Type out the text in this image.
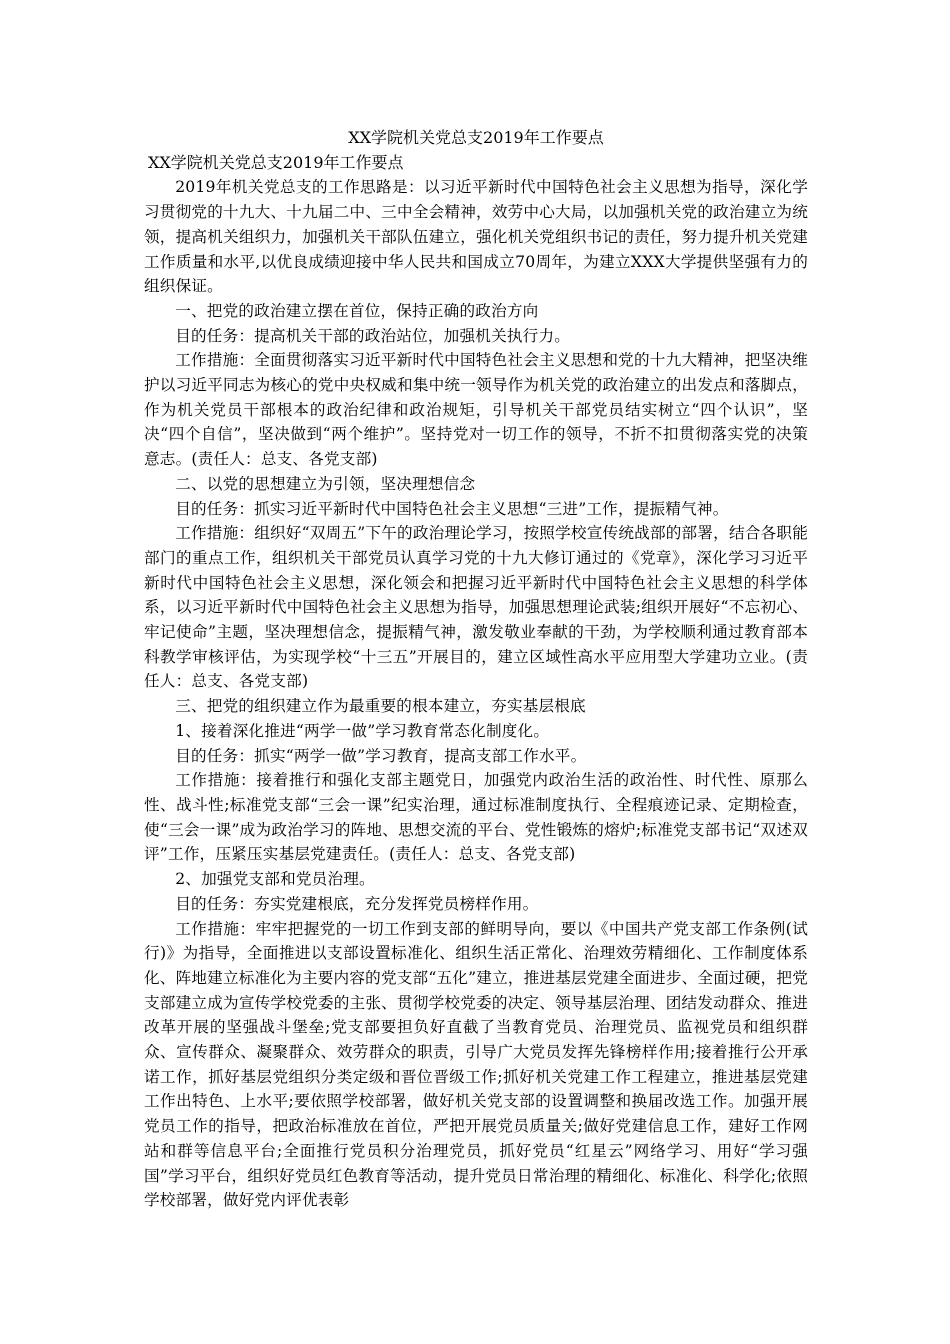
XX学院机关党总支2019年工作要点
XX学院机关党总支2019年工作要点

2019年机关党总支的工作思路是：以习近平新时代中国特色社会主义思想为指导，深化学习贯彻党的十九大、十九届二中、三中全会精神，效劳中心大局，以加强机关党的政治建立为统领，提高机关组织力，加强机关干部队伍建立，强化机关党组织书记的责任，努力提升机关党建工作质量和水平,以优良成绩迎接中华人民共和国成立70周年，为建立XXX大学提供坚强有力的组织保证。

一、把党的政治建立摆在首位，保持正确的政治方向

目的任务：提高机关干部的政治站位，加强机关执行力。

工作措施：全面贯彻落实习近平新时代中国特色社会主义思想和党的十九大精神，把坚决维护以习近平同志为核心的党中央权威和集中统一领导作为机关党的政治建立的出发点和落脚点，作为机关党员干部根本的政治纪律和政治规矩，引导机关干部党员结实树立“四个认识”，坚决“四个自信”，坚决做到“两个维护”。坚持党对一切工作的领导，不折不扣贯彻落实党的决策意志。(责任人：总支、各党支部)

二、以党的思想建立为引领，坚决理想信念

目的任务：抓实习近平新时代中国特色社会主义思想“三进”工作，提振精气神。

工作措施：组织好“双周五”下午的政治理论学习，按照学校宣传统战部的部署，结合各职能部门的重点工作，组织机关干部党员认真学习党的十九大修订通过的《党章》，深化学习习近平新时代中国特色社会主义思想，深化领会和把握习近平新时代中国特色社会主义思想的科学体系，以习近平新时代中国特色社会主义思想为指导，加强思想理论武装;组织开展好“不忘初心、牢记使命”主题，坚决理想信念，提振精气神，激发敬业奉献的干劲，为学校顺利通过教育部本科教学审核评估，为实现学校“十三五”开展目的，建立区域性高水平应用型大学建功立业。(责任人：总支、各党支部)

三、把党的组织建立作为最重要的根本建立，夯实基层根底

1、接着深化推进“两学一做”学习教育常态化制度化。

目的任务：抓实“两学一做”学习教育，提高支部工作水平。

工作措施：接着推行和强化支部主题党日，加强党内政治生活的政治性、时代性、原那么性、战斗性;标准党支部“三会一课”纪实治理，通过标准制度执行、全程痕迹记录、定期检查，使“三会一课”成为政治学习的阵地、思想交流的平台、党性锻炼的熔炉;标准党支部书记“双述双评”工作，压紧压实基层党建责任。(责任人：总支、各党支部)

2、加强党支部和党员治理。

目的任务：夯实党建根底，充分发挥党员榜样作用。

工作措施：牢牢把握党的一切工作到支部的鲜明导向，要以《中国共产党支部工作条例(试行)》为指导，全面推进以支部设置标准化、组织生活正常化、治理效劳精细化、工作制度体系化、阵地建立标准化为主要内容的党支部“五化”建立，推进基层党建全面进步、全面过硬，把党支部建立成为宣传学校党委的主张、贯彻学校党委的决定、领导基层治理、团结发动群众、推进改革开展的坚强战斗堡垒;党支部要担负好直截了当教育党员、治理党员、监视党员和组织群众、宣传群众、凝聚群众、效劳群众的职责，引导广大党员发挥先锋榜样作用;接着推行公开承诺工作，抓好基层党组织分类定级和晋位晋级工作;抓好机关党建工作工程建立，推进基层党建工作出特色、上水平;要依照学校部署，做好机关党支部的设置调整和换届改选工作。加强开展党员工作的指导，把政治标准放在首位，严把开展党员质量关;做好党建信息工作，建好工作网站和群等信息平台;全面推行党员积分治理党员，抓好党员“红星云”网络学习、用好“学习强国”学习平台，组织好党员红色教育等活动，提升党员日常治理的精细化、标准化、科学化;依照学校部署，做好党内评优表彰
